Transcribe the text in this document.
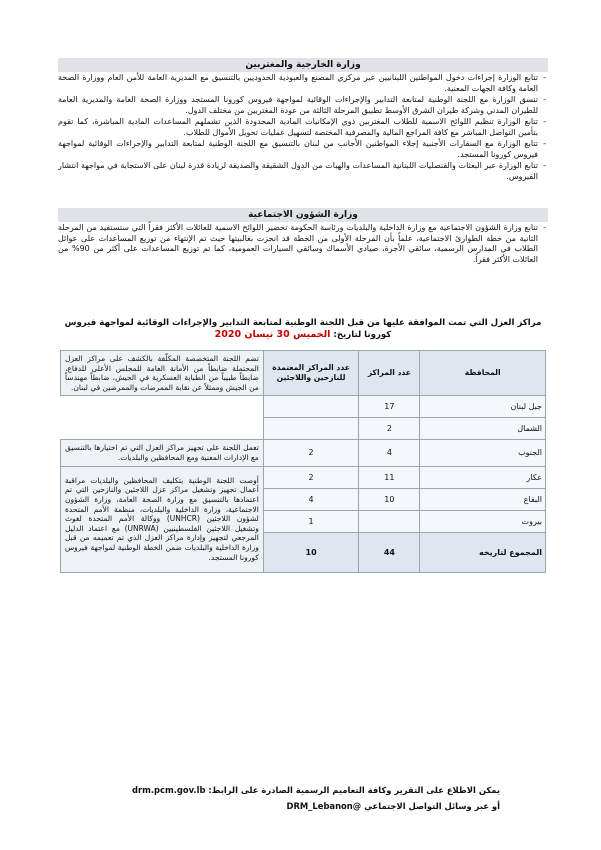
وزارة الخارجية والمغتربين
- تتابع الوزارة إجراءات دخول المواطنين اللبنانيين عبر مركزي المصنع والعبودية الحدوديين بالتنسيق مع المديرية العامة للأمن العام ووزارة الصحة العامة وكافة الجهات المعنية.
- تنسق الوزارة مع اللجنة الوطنية لمتابعة التدابير والإجراءات الوقائية لمواجهة فيروس كورونا المستجد ووزارة الصحة العامة والمديرية العامة للطيران المدني وشركة طيران الشرق الأوسط تطبيق المرحلة الثالثة من عودة المغتربين من مختلف الدول.
- تتابع الوزارة تنظيم اللوائح الاسمية للطلاب المغتربين ذوي الإمكانيات المادية المحدودة الذين تشملهم المساعدات المادية المباشرة، كما تقوم بتأمين التواصل المباشر مع كافة المراجع المالية والمصرفية المختصة لتسهيل عمليات تحويل الأموال للطلاب.
- تتابع الوزارة مع السفارات الأجنبية إجلاء المواطنين الأجانب من لبنان بالتنسيق مع اللجنة الوطنية لمتابعة التدابير والإجراءات الوقائية لمواجهة فيروس كورونا المستجد.
- تتابع الوزارة عبر البعثات والقنصليات اللبنانية المساعدات والهبات من الدول الشقيقة والصديقة لزيادة قدرة لبنان على الاستجابة في مواجهة انتشار الفيروس.
وزارة الشؤون الاجتماعية
- تتابع وزارة الشؤون الاجتماعية مع وزارة الداخلية والبلديات ورئاسة الحكومة تحضير اللوائح الاسمية للعائلات الأكثر فقراً التي ستستفيد من المرحلة الثانية من خطة الطوارئ الاجتماعية، علماً بأن المرحلة الأولى من الخطة قد انجزت بغالبيتها حيث تم الإنتهاء من توزيع المساعدات على عوائل الطلاب في المدارس الرسمية، سائقي الأجرة، صيادي الأسماك وسائقي السيارات العمومية، كما تم توزيع المساعدات على أكثر من 90% من العائلات الأكثر فقراً.
مراكز العزل التي تمت الموافقة عليها من قبل اللجنة الوطنية لمتابعة التدابير والإجراءات الوقائية لمواجهة فيروس
كورونا لتاريخ: الخميس 30 نيسان 2020
المحافظة	عدد المراكز	عدد المراكز المعتمدة للنازحين واللاجئين	تضم اللجنة المتخصصة المكلّفة بالكشف على مراكز العزل المحتملة ضابطاً من الأمانة العامة للمجلس الأعلى للدفاع، ضابطاً طبيباً من الطبابة العسكرية في الجيش، ضابطاً مهندساً من الجيش وممثلاً عن نقابة الممرضات والممرضين في لبنان.
جبل لبنان	17		
الشمال	2		
الجنوب	4	2	تعمل اللجنة على تجهيز مراكز العزل التي تم اختيارها بالتنسيق مع الإدارات المعنية ومع المحافظين والبلديات.
عكار	11	2	أوصت اللجنة الوطنية بتكليف المحافظين والبلديات مراقبة أعمال تجهيز وتشغيل مراكز عزل اللاجئين والنازحين التي تم اعتمادها بالتنسيق مع وزارة الصحة العامة، وزارة الشؤون الاجتماعية، وزارة الداخلية والبلديات، منظمة الأمم المتحدة لشؤون اللاجئين (UNHCR) ووكالة الأمم المتحدة لغوث وتشغيل اللاجئين الفلسطينيين (UNRWA) مع اعتماد الدليل المرجعي لتجهيز وإدارة مراكز العزل الذي تم تعميمه من قبل وزارة الداخلية والبلديات ضمن الخطة الوطنية لمواجهة فيروس كورونا المستجد.
البقاع	10	4	
بيروت		1	
المجموع لتاريخه	44	10	
يمكن الاطلاع على التقرير وكافة التعاميم الرسمية الصادرة على الرابط: drm.pcm.gov.lb
أو عبر وسائل التواصل الاجتماعي @DRM_Lebanon
